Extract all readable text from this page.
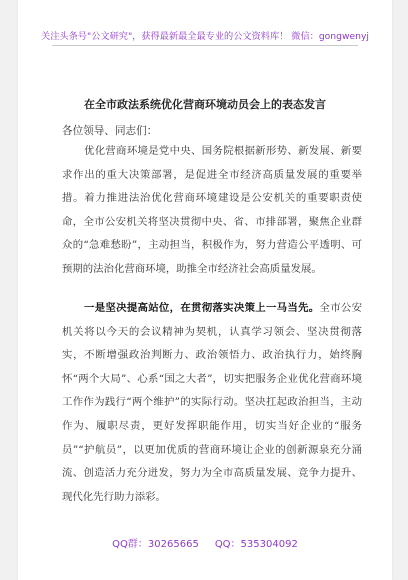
关注头条号"公文研究"，获得最新最全最专业的公文资料库！ 微信：gongwenyj
在全市政法系统优化营商环境动员会上的表态发言
各位领导、同志们：

优化营商环境是党中央、国务院根据新形势、新发展、新要求作出的重大决策部署，是促进全市经济高质量发展的重要举措。着力推进法治优化营商环境建设是公安机关的重要职责使命，全市公安机关将坚决贯彻中央、省、市排部署，聚焦企业群众的“急难愁盼”，主动担当，积极作为，努力营造公平透明、可预期的法治化营商环境，助推全市经济社会高质量发展。

一是坚决提高站位，在贯彻落实决策上一马当先。全市公安机关将以今天的会议精神为契机，认真学习领会、坚决贯彻落实，不断增强政治判断力、政治领悟力、政治执行力，始终胸怀“两个大局”、心系“国之大者”，切实把服务企业优化营商环境工作作为践行“两个维护”的实际行动。坚决扛起政治担当，主动作为、履职尽责，更好发挥职能作用，切实当好企业的“服务员”“护航员”，以更加优质的营商环境让企业的创新源泉充分涌流、创造活力充分迸发，努力为全市高质量发展、竞争力提升、现代化先行助力添彩。

QQ群：30265665 QQ：535304092
